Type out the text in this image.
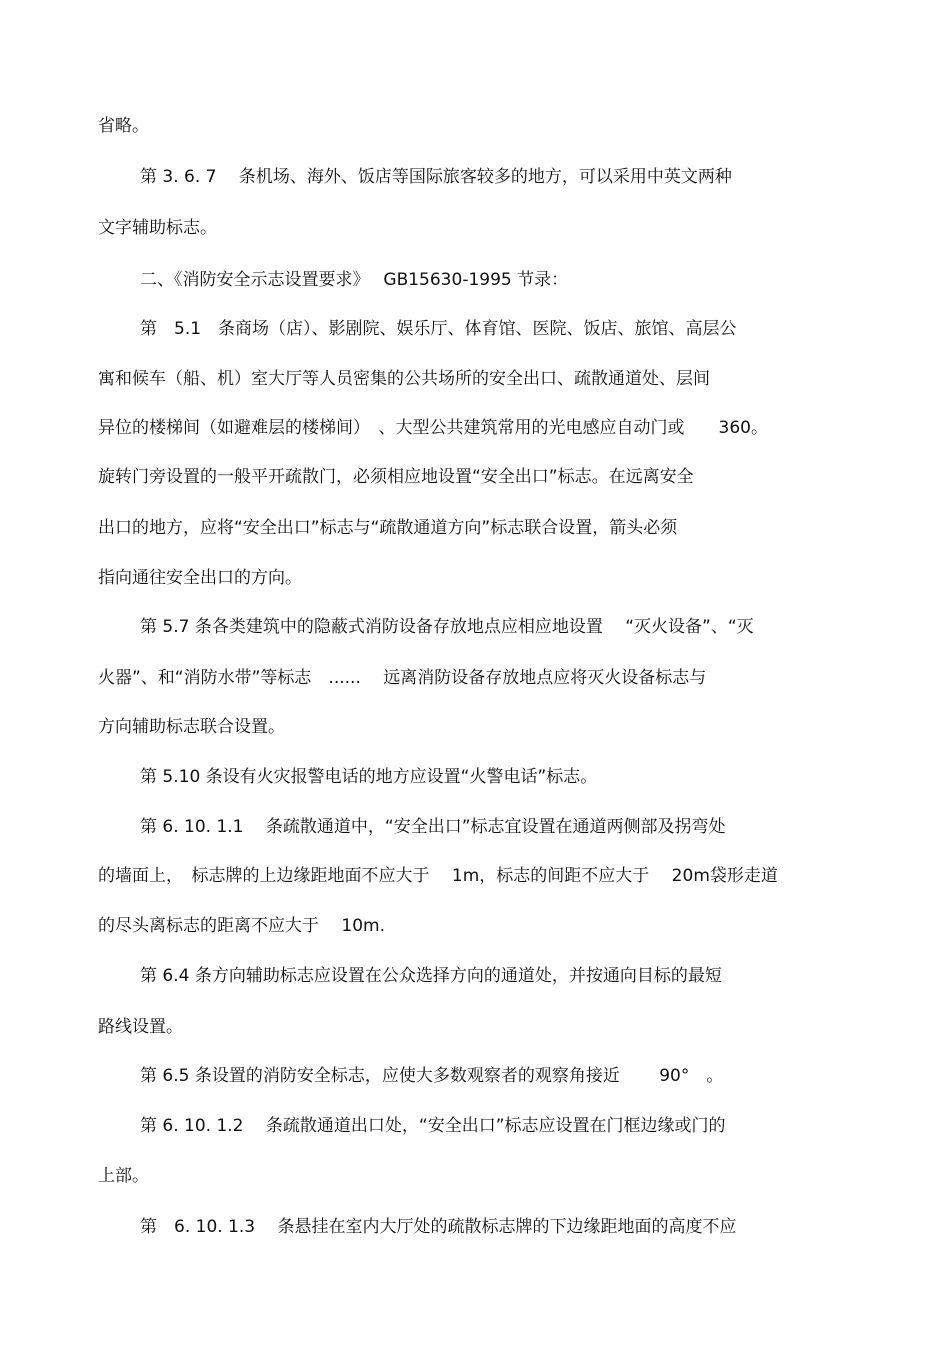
省略。
第 3. 6. 7　 条机场、海外、饭店等国际旅客较多的地方，可以采用中英文两种
文字辅助标志。
二、《消防安全示志设置要求》　 GB15630-1995 节录：
第　5.1　条商场（店）、影剧院、娱乐厅、体育馆、医院、饭店、旅馆、高层公
寓和候车（船、机）室大厅等人员密集的公共场所的安全出口、疏散通道处、层间
异位的楼梯间（如避难层的楼梯间）　、大型公共建筑常用的光电感应自动门或　　360。
旋转门旁设置的一般平开疏散门，必须相应地设置“安全出口”标志。在远离安全
出口的地方，应将“安全出口”标志与“疏散通道方向”标志联合设置，箭头必须
指向通往安全出口的方向。
第 5.7 条各类建筑中的隐蔽式消防设备存放地点应相应地设置　 “灭火设备”、“灭
火器”、和“消防水带”等标志　......　 远离消防设备存放地点应将灭火设备标志与
方向辅助标志联合设置。
第 5.10 条设有火灾报警电话的地方应设置“火警电话”标志。
第 6. 10. 1.1　 条疏散通道中，“安全出口”标志宜设置在通道两侧部及拐弯处
的墙面上，　标志牌的上边缘距地面不应大于　 1m，标志的间距不应大于　 20m袋形走道
的尽头离标志的距离不应大于　 10m.
第 6.4 条方向辅助标志应设置在公众选择方向的通道处，并按通向目标的最短
路线设置。
第 6.5 条设置的消防安全标志，应使大多数观察者的观察角接近　　 90°　。
第 6. 10. 1.2　 条疏散通道出口处，“安全出口”标志应设置在门框边缘或门的
上部。
第　6. 10. 1.3　 条悬挂在室内大厅处的疏散标志牌的下边缘距地面的高度不应
